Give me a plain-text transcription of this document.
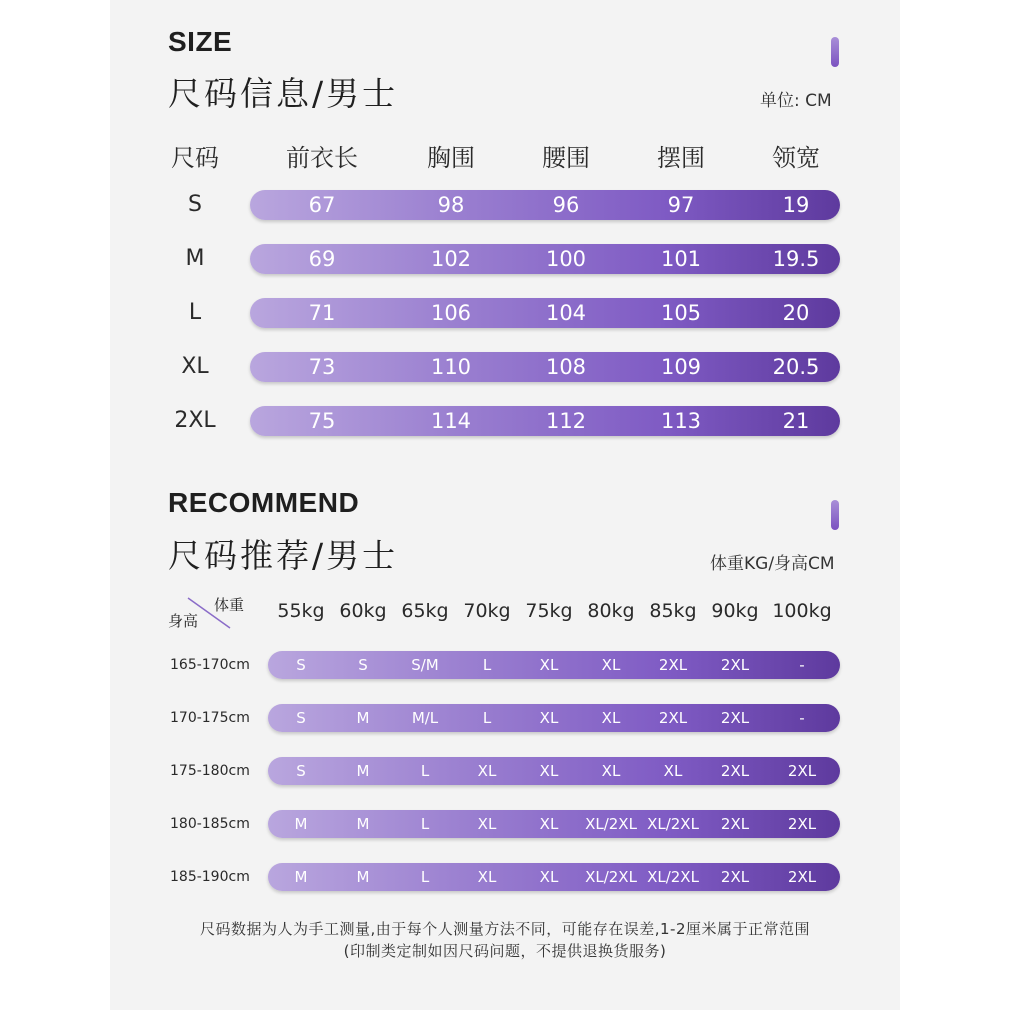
SIZE
尺码信息/男士	单位: CM
尺码	前衣长	胸围	腰围	摆围	领宽
S	67	98	96	97	19
M	69	102	100	101	19.5
L	71	106	104	105	20
XL	73	110	108	109	20.5
2XL	75	114	112	113	21
RECOMMEND
尺码推荐/男士	体重KG/身高CM
体重
身高	55kg 60kg 65kg 70kg 75kg 80kg 85kg 90kg 100kg
165-170cm	S	S	S/M	L	XL	XL	2XL	2XL	-
170-175cm	S	M	M/L	L	XL	XL	2XL	2XL	-
175-180cm	S	M	L	XL	XL	XL	XL	2XL	2XL
180-185cm	M	M	L	XL	XL	XL/2XL XL/2XL	2XL	2XL
185-190cm	M	M	L	XL	XL	XL/2XL XL/2XL	2XL	2XL
尺码数据为人为手工测量,由于每个人测量方法不同，可能存在误差,1-2厘米属于正常范围
(印制类定制如因尺码问题，不提供退换货服务)
